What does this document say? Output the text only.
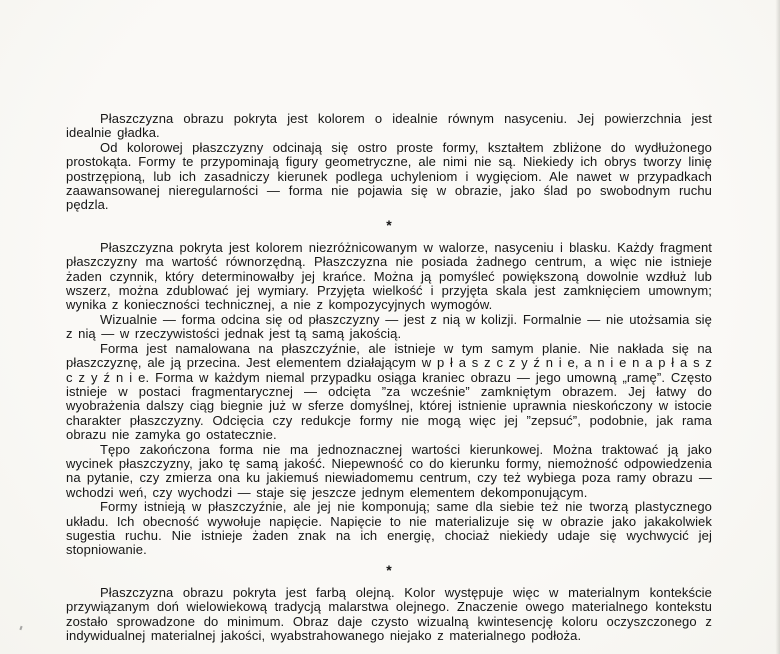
Płaszczyzna obrazu pokryta jest kolorem o idealnie równym nasyceniu. Jej powierzchnia jest idealnie gładka.

Od kolorowej płaszczyzny odcinają się ostro proste formy, kształtem zbliżone do wydłużonego prostokąta. Formy te przypominają figury geometryczne, ale nimi nie są. Niekiedy ich obrys tworzy linię postrzępioną, lub ich zasadniczy kierunek podlega uchyleniom i wygięciom. Ale nawet w przypadkach zaawansowanej nieregularności — forma nie pojawia się w obrazie, jako ślad po swobodnym ruchu pędzla.

*

Płaszczyzna pokryta jest kolorem niezróżnicowanym w walorze, nasyceniu i blasku. Każdy fragment płaszczyzny ma wartość równorzędną. Płaszczyzna nie posiada żadnego centrum, a więc nie istnieje żaden czynnik, który determinowałby jej krańce. Można ją pomyśleć powiększoną dowolnie wzdłuż lub wszerz, można zdublować jej wymiary. Przyjęta wielkość i przyjęta skala jest zamknięciem umownym; wynika z konieczności technicznej, a nie z kompozycyjnych wymogów.

Wizualnie — forma odcina się od płaszczyzny — jest z nią w kolizji. Formalnie — nie utożsamia się z nią — w rzeczywistości jednak jest tą samą jakością.

Forma jest namalowana na płaszczyźnie, ale istnieje w tym samym planie. Nie nakłada się na płaszczyznę, ale ją przecina. Jest elementem działającym w p ł a s z c z y ź n i e, a n i e n a p ł a s z c z y ź n i e. Forma w każdym niemal przypadku osiąga kraniec obrazu — jego umowną „ramę”. Często istnieje w postaci fragmentarycznej — odcięta ”za wcześnie” zamkniętym obrazem. Jej łatwy do wyobrażenia dalszy ciąg biegnie już w sferze domyślnej, której istnienie uprawnia nieskończony w istocie charakter płaszczyzny. Odcięcia czy redukcje formy nie mogą więc jej ”zepsuć”, podobnie, jak rama obrazu nie zamyka go ostatecznie.

Tępo zakończona forma nie ma jednoznacznej wartości kierunkowej. Można traktować ją jako wycinek płaszczyzny, jako tę samą jakość. Niepewność co do kierunku formy, niemożność odpowiedzenia na pytanie, czy zmierza ona ku jakiemuś niewiadomemu centrum, czy też wybiega poza ramy obrazu — wchodzi weń, czy wychodzi — staje się jeszcze jednym elementem dekomponującym.

Formy istnieją w płaszczyźnie, ale jej nie komponują; same dla siebie też nie tworzą plastycznego układu. Ich obecność wywołuje napięcie. Napięcie to nie materializuje się w obrazie jako jakakolwiek sugestia ruchu. Nie istnieje żaden znak na ich energię, chociaż niekiedy udaje się wychwycić jej stopniowanie.

*

Płaszczyzna obrazu pokryta jest farbą olejną. Kolor występuje więc w materialnym kontekście przywiązanym doń wielowiekową tradycją malarstwa olejnego. Znaczenie owego materialnego kontekstu zostało sprowadzone do minimum. Obraz daje czysto wizualną kwintesencję koloru oczyszczonego z indywidualnej materialnej jakości, wyabstrahowanego niejako z materialnego podłoża.
